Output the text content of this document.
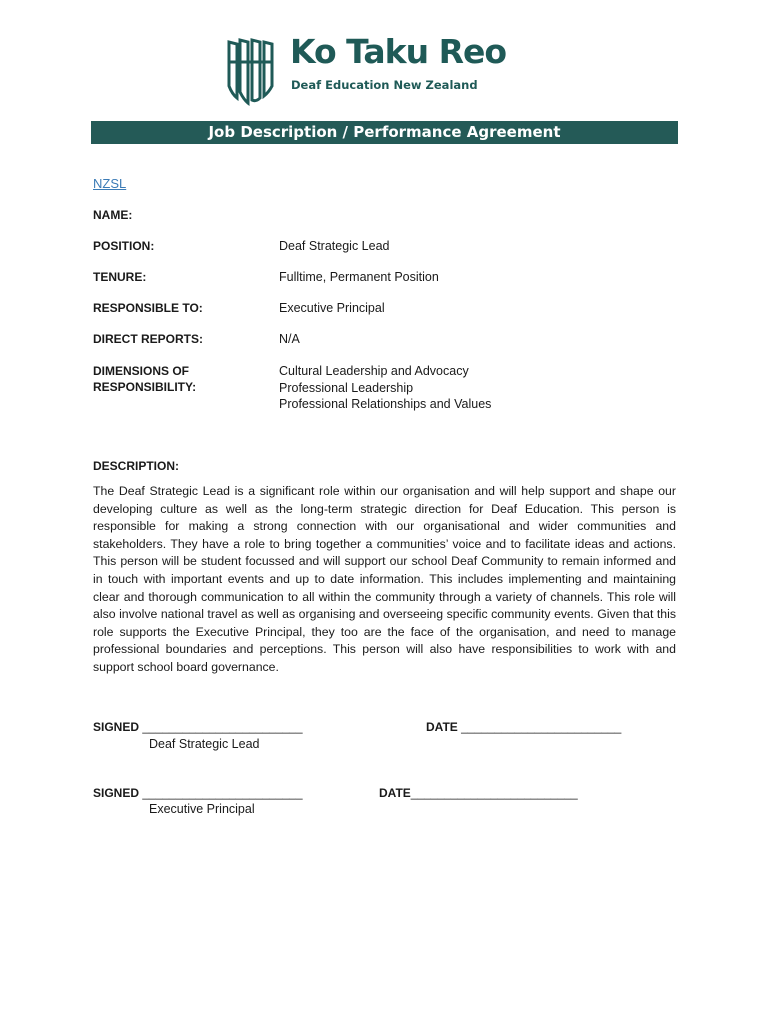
Ko Taku Reo
Deaf Education New Zealand
Job Description / Performance Agreement
NZSL
NAME:
POSITION:	Deaf Strategic Lead
TENURE:	Fulltime, Permanent Position
RESPONSIBLE TO:	Executive Principal
DIRECT REPORTS:	N/A
DIMENSIONS OF
RESPONSIBILITY:
Cultural Leadership and Advocacy
Professional Leadership
Professional Relationships and Values
DESCRIPTION:
The Deaf Strategic Lead is a significant role within our organisation and will help support and shape our developing culture as well as the long-term strategic direction for Deaf Education. This person is responsible for making a strong connection with our organisational and wider communities and stakeholders. They have a role to bring together a communities’ voice and to facilitate ideas and actions. This person will be student focussed and will support our school Deaf Community to remain informed and in touch with important events and up to date information. This includes implementing and maintaining clear and thorough communication to all within the community through a variety of channels. This role will also involve national travel as well as organising and overseeing specific community events. Given that this role supports the Executive Principal, they too are the face of the organisation, and need to manage professional boundaries and perceptions. This person will also have responsibilities to work with and support school board governance.
SIGNED ________________________
Deaf Strategic Lead
DATE ________________________
SIGNED ________________________
Executive Principal
DATE_________________________
